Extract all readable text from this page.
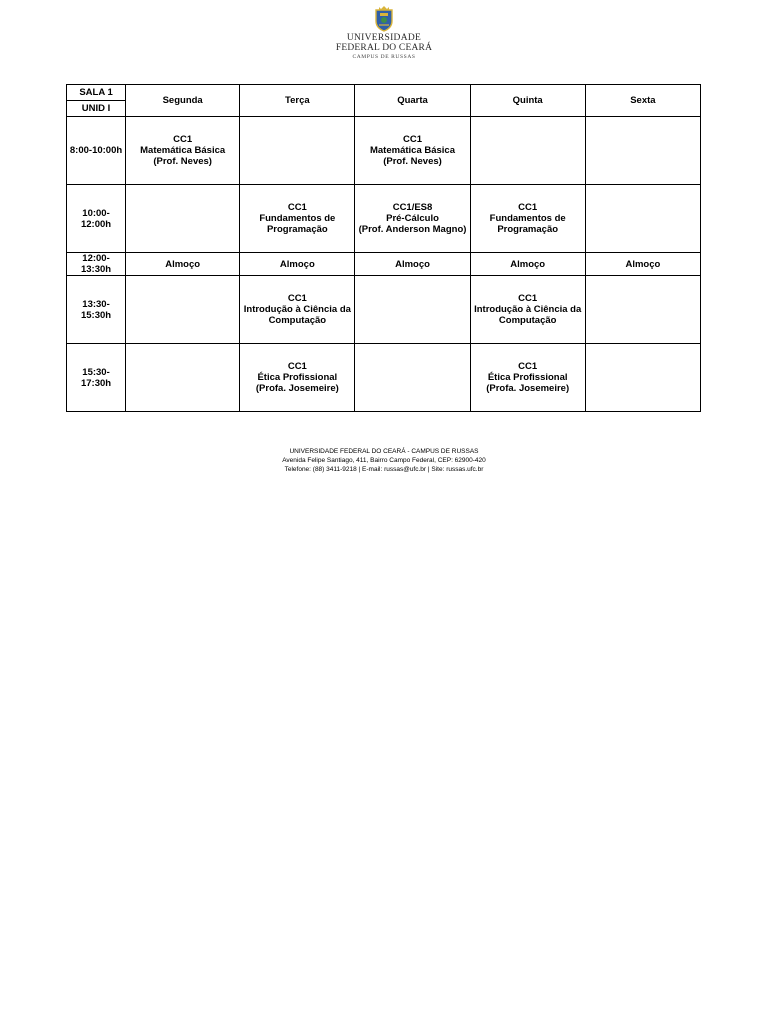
UNIVERSIDADE
FEDERAL DO CEARÁ
CAMPUS DE RUSSAS
SALA 1	Segunda	Terça	Quarta	Quinta	Sexta
UNID I					
8:00-10:00h	CC1
Matemática Básica
(Prof. Neves)		CC1
Matemática Básica
(Prof. Neves)		

10:00-12:00h		CC1
Fundamentos de
Programação	CC1/ES8
Pré-Cálculo
(Prof. Anderson Magno)	CC1
Fundamentos de
Programação	

12:00-13:30h	Almoço	Almoço	Almoço	Almoço	Almoço

13:30-15:30h		CC1
Introdução à Ciência da
Computação		CC1
Introdução à Ciência da
Computação	

15:30-17:30h		CC1
Ética Profissional
(Profa. Josemeire)		CC1
Ética Profissional
(Profa. Josemeire)	

UNIVERSIDADE FEDERAL DO CEARÁ - CAMPUS DE RUSSAS
Avenida Felipe Santiago, 411, Bairro Campo Federal, CEP: 62900-420
Telefone: (88) 3411-9218 | E-mail: russas@ufc.br | Site: russas.ufc.br
